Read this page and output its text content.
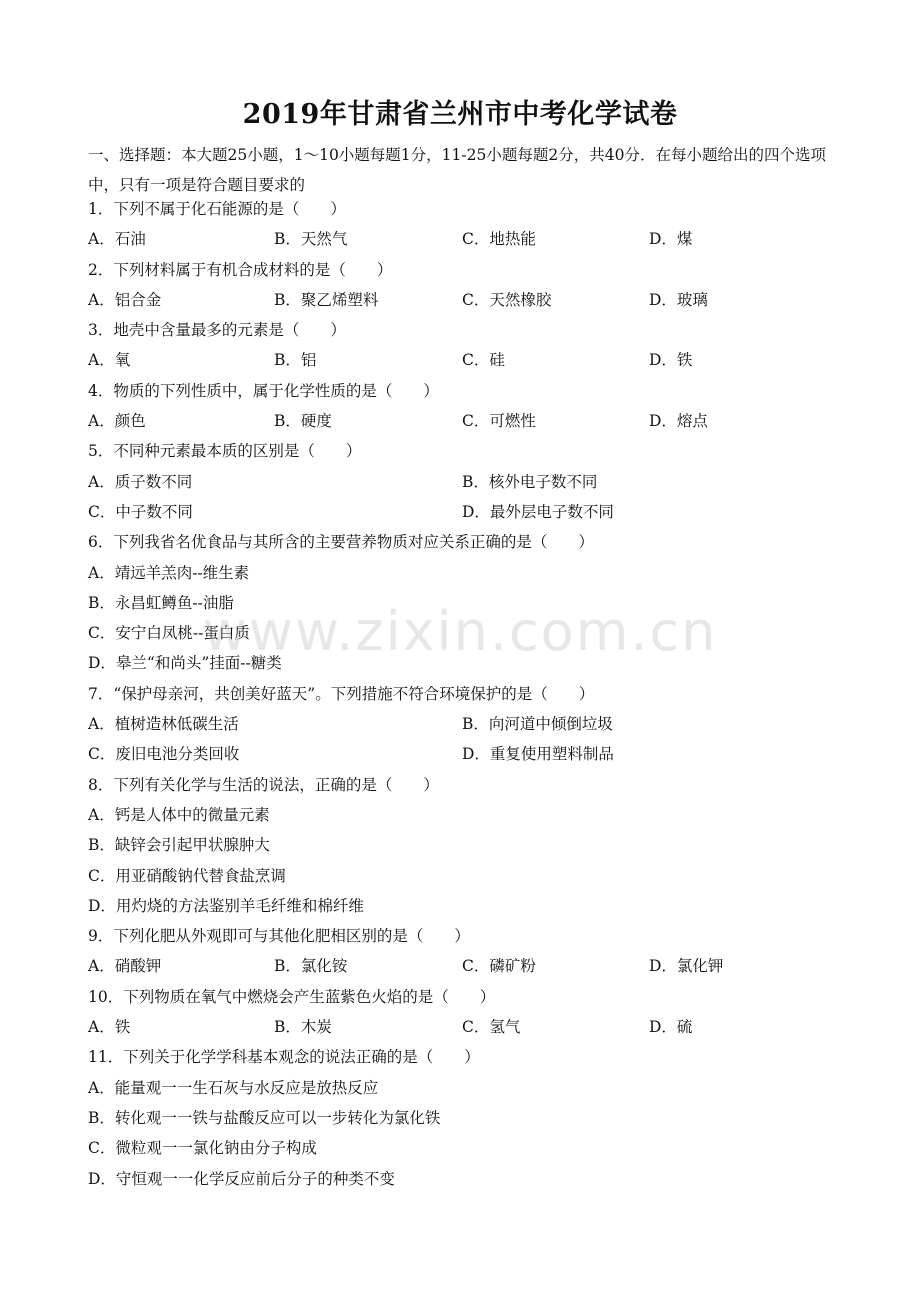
2019年甘肃省兰州市中考化学试卷
一、选择题：本大题25小题，1～10小题每题1分，11-25小题每题2分，共40分．在每小题给出的四个选项中，只有一项是符合题目要求的
1．下列不属于化石能源的是（　　）
A．石油	B．天然气	C．地热能	D．煤
2．下列材料属于有机合成材料的是（　　）
A．铝合金	B．聚乙烯塑料	C．天然橡胶	D．玻璃
3．地壳中含量最多的元素是（　　）
A．氧	B．铝	C．硅	D．铁
4．物质的下列性质中，属于化学性质的是（　　）
A．颜色	B．硬度	C．可燃性	D．熔点
5．不同种元素最本质的区别是（　　）
A．质子数不同	B．核外电子数不同
C．中子数不同	D．最外层电子数不同
6．下列我省名优食品与其所含的主要营养物质对应关系正确的是（　　）
A．靖远羊羔肉--维生素
B．永昌虹鳟鱼--油脂
C．安宁白凤桃--蛋白质
D．皋兰“和尚头”挂面--糖类
7．“保护母亲河，共创美好蓝天”。下列措施不符合环境保护的是（　　）
A．植树造林低碳生活	B．向河道中倾倒垃圾
C．废旧电池分类回收	D．重复使用塑料制品
8．下列有关化学与生活的说法，正确的是（　　）
A．钙是人体中的微量元素
B．缺锌会引起甲状腺肿大
C．用亚硝酸钠代替食盐烹调
D．用灼烧的方法鉴别羊毛纤维和棉纤维
9．下列化肥从外观即可与其他化肥相区别的是（　　）
A．硝酸钾	B．氯化铵	C．磷矿粉	D．氯化钾
10．下列物质在氧气中燃烧会产生蓝紫色火焰的是（　　）
A．铁	B．木炭	C．氢气	D．硫
11．下列关于化学学科基本观念的说法正确的是（　　）
A．能量观一一生石灰与水反应是放热反应
B．转化观一一铁与盐酸反应可以一步转化为氯化铁
C．微粒观一一氯化钠由分子构成
D．守恒观一一化学反应前后分子的种类不变
www.zixin.com.cn
